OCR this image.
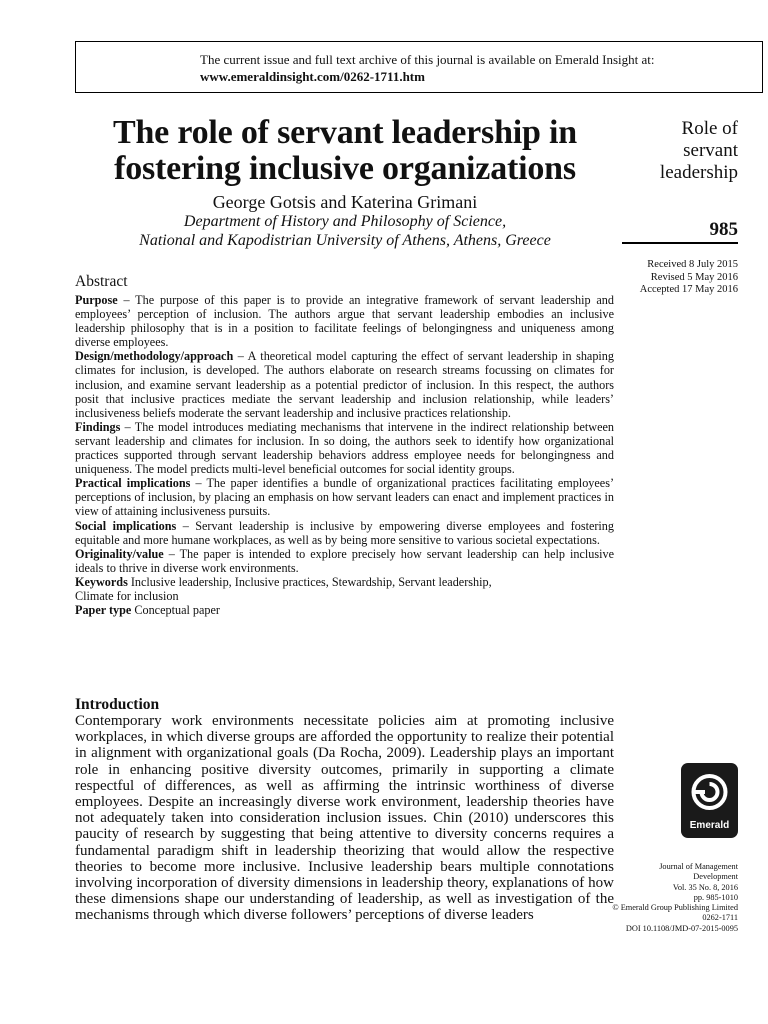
The current issue and full text archive of this journal is available on Emerald Insight at:
www.emeraldinsight.com/0262-1711.htm
The role of servant leadership in
fostering inclusive organizations
George Gotsis and Katerina Grimani
Department of History and Philosophy of Science,
National and Kapodistrian University of Athens, Athens, Greece
Role of
servant
leadership
985
Received 8 July 2015
Revised 5 May 2016
Accepted 17 May 2016
Abstract

Purpose – The purpose of this paper is to provide an integrative framework of servant leadership and employees’ perception of inclusion. The authors argue that servant leadership embodies an inclusive leadership philosophy that is in a position to facilitate feelings of belongingness and uniqueness among diverse employees.

Design/methodology/approach – A theoretical model capturing the effect of servant leadership in shaping climates for inclusion, is developed. The authors elaborate on research streams focussing on climates for inclusion, and examine servant leadership as a potential predictor of inclusion. In this respect, the authors posit that inclusive practices mediate the servant leadership and inclusion relationship, while leaders’ inclusiveness beliefs moderate the servant leadership and inclusive practices relationship.

Findings – The model introduces mediating mechanisms that intervene in the indirect relationship between servant leadership and climates for inclusion. In so doing, the authors seek to identify how organizational practices supported through servant leadership behaviors address employee needs for belongingness and uniqueness. The model predicts multi-level beneficial outcomes for social identity groups.

Practical implications – The paper identifies a bundle of organizational practices facilitating employees’ perceptions of inclusion, by placing an emphasis on how servant leaders can enact and implement practices in view of attaining inclusiveness pursuits.

Social implications – Servant leadership is inclusive by empowering diverse employees and fostering equitable and more humane workplaces, as well as by being more sensitive to various societal expectations.

Originality/value – The paper is intended to explore precisely how servant leadership can help inclusive ideals to thrive in diverse work environments.

Keywords Inclusive leadership, Inclusive practices, Stewardship, Servant leadership,
Climate for inclusion

Paper type Conceptual paper

Introduction
Contemporary work environments necessitate policies aim at promoting inclusive workplaces, in which diverse groups are afforded the opportunity to realize their potential in alignment with organizational goals (Da Rocha, 2009). Leadership plays an important role in enhancing positive diversity outcomes, primarily in supporting a climate respectful of differences, as well as affirming the intrinsic worthiness of diverse employees. Despite an increasingly diverse work environment, leadership theories have not adequately taken into consideration inclusion issues. Chin (2010) underscores this paucity of research by suggesting that being attentive to diversity concerns requires a fundamental paradigm shift in leadership theorizing that would allow the respective theories to become more inclusive. Inclusive leadership bears multiple connotations involving incorporation of diversity dimensions in leadership theory, explanations of how these dimensions shape our understanding of leadership, as well as investigation of the mechanisms through which diverse followers’ perceptions of diverse leaders
Emerald
Journal of Management
Development
Vol. 35 No. 8, 2016
pp. 985-1010
© Emerald Group Publishing Limited
0262-1711
DOI 10.1108/JMD-07-2015-0095
